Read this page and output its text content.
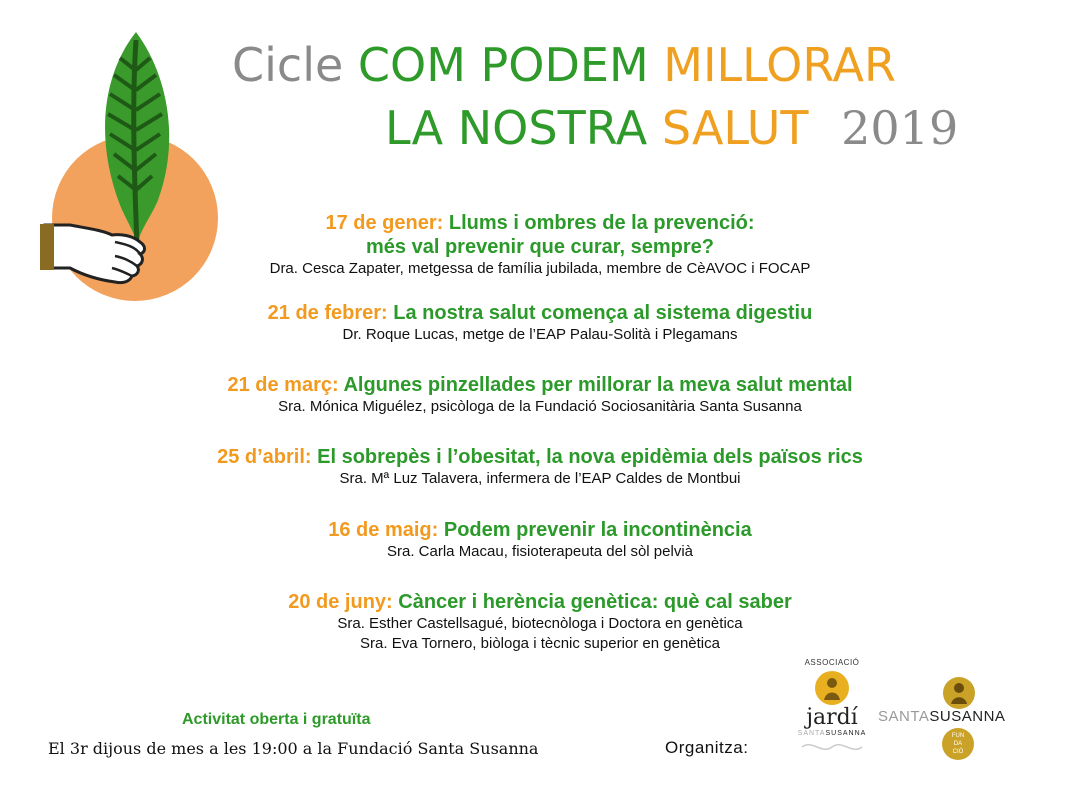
Cicle COM PODEM MILLORAR
LA NOSTRA SALUT 2019
17 de gener: Llums i ombres de la prevenció:
més val prevenir que curar, sempre?
Dra. Cesca Zapater, metgessa de família jubilada, membre de CèAVOC i FOCAP
21 de febrer: La nostra salut comença al sistema digestiu
Dr. Roque Lucas, metge de l’EAP Palau-Solità i Plegamans
21 de març: Algunes pinzellades per millorar la meva salut mental
Sra. Mónica Miguélez, psicòloga de la Fundació Sociosanitària Santa Susanna
25 d’abril: El sobrepès i l’obesitat, la nova epidèmia dels països rics
Sra. Mª Luz Talavera, infermera de l’EAP Caldes de Montbui
16 de maig: Podem prevenir la incontinència
Sra. Carla Macau, fisioterapeuta del sòl pelvià
20 de juny: Càncer i herència genètica: què cal saber
Sra. Esther Castellsagué, biotecnòloga i Doctora en genètica
Sra. Eva Tornero, biòloga i tècnic superior en genètica
Activitat oberta i gratuïta
El 3r dijous de mes a les 19:00 a la Fundació Santa Susanna	Organitza:
ASSOCIACIÓ
jardí
SANTASUSANNA
SANTASUSANNA
FUN
DA
CIÓ
